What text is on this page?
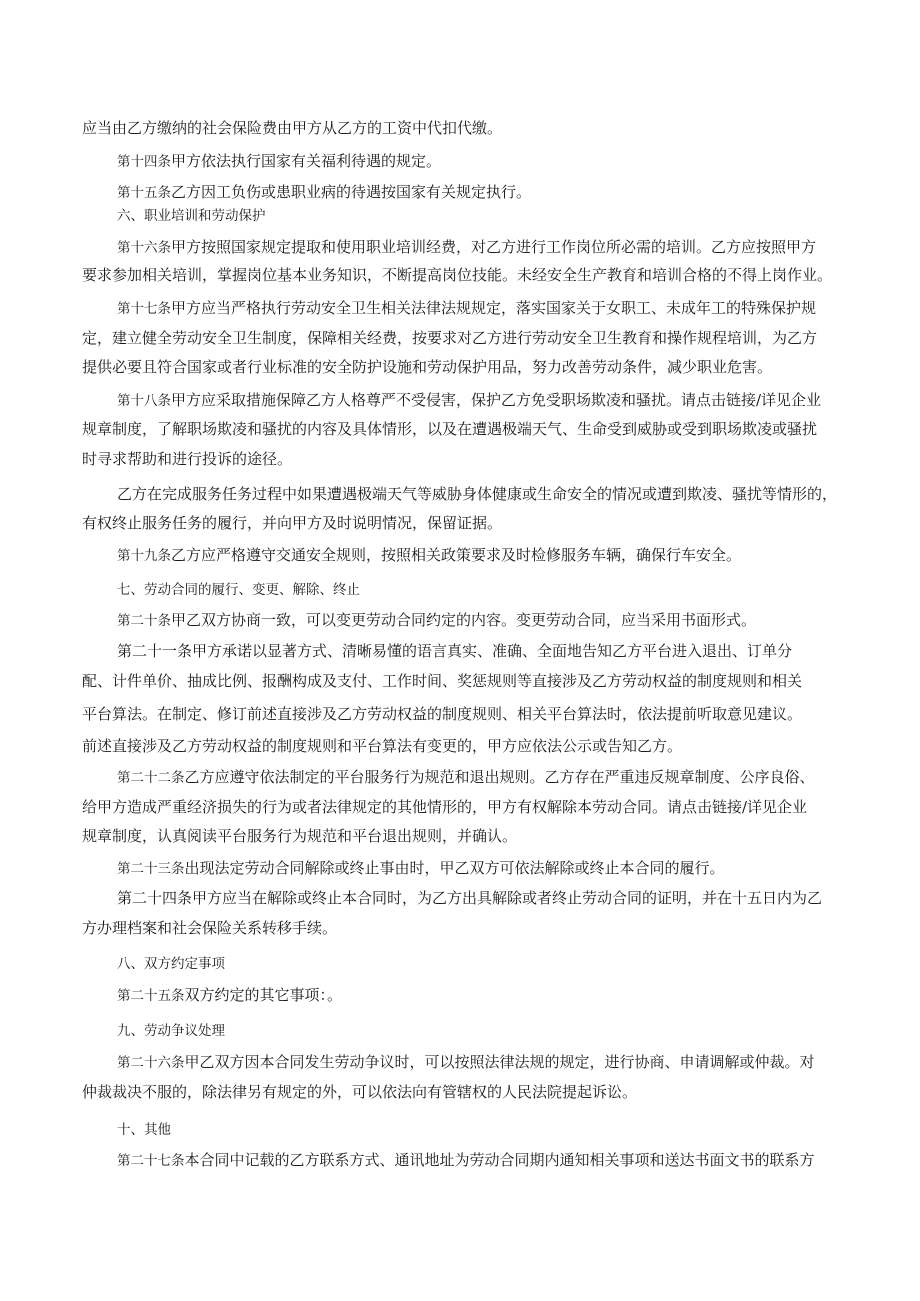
应当由乙方缴纳的社会保险费由甲方从乙方的工资中代扣代缴。
第十四条甲方依法执行国家有关福利待遇的规定。
第十五条乙方因工负伤或患职业病的待遇按国家有关规定执行。
六、职业培训和劳动保护
第十六条甲方按照国家规定提取和使用职业培训经费，对乙方进行工作岗位所必需的培训。乙方应按照甲方
要求参加相关培训，掌握岗位基本业务知识，不断提高岗位技能。未经安全生产教育和培训合格的不得上岗作业。
第十七条甲方应当严格执行劳动安全卫生相关法律法规规定，落实国家关于女职工、未成年工的特殊保护规
定，建立健全劳动安全卫生制度，保障相关经费，按要求对乙方进行劳动安全卫生教育和操作规程培训，为乙方
提供必要且符合国家或者行业标准的安全防护设施和劳动保护用品，努力改善劳动条件，减少职业危害。
第十八条甲方应采取措施保障乙方人格尊严不受侵害，保护乙方免受职场欺凌和骚扰。请点击链接/详见企业
规章制度，了解职场欺凌和骚扰的内容及具体情形，以及在遭遇极端天气、生命受到威胁或受到职场欺凌或骚扰
时寻求帮助和进行投诉的途径。
乙方在完成服务任务过程中如果遭遇极端天气等威胁身体健康或生命安全的情况或遭到欺凌、骚扰等情形的，
有权终止服务任务的履行，并向甲方及时说明情况，保留证据。
第十九条乙方应严格遵守交通安全规则，按照相关政策要求及时检修服务车辆，确保行车安全。
七、劳动合同的履行、变更、解除、终止
第二十条甲乙双方协商一致，可以变更劳动合同约定的内容。变更劳动合同，应当采用书面形式。
第二十一条甲方承诺以显著方式、清晰易懂的语言真实、准确、全面地告知乙方平台进入退出、订单分
配、计件单价、抽成比例、报酬构成及支付、工作时间、奖惩规则等直接涉及乙方劳动权益的制度规则和相关
平台算法。在制定、修订前述直接涉及乙方劳动权益的制度规则、相关平台算法时，依法提前听取意见建议。
前述直接涉及乙方劳动权益的制度规则和平台算法有变更的，甲方应依法公示或告知乙方。
第二十二条乙方应遵守依法制定的平台服务行为规范和退出规则。乙方存在严重违反规章制度、公序良俗、
给甲方造成严重经济损失的行为或者法律规定的其他情形的，甲方有权解除本劳动合同。请点击链接/详见企业
规章制度，认真阅读平台服务行为规范和平台退出规则，并确认。
第二十三条出现法定劳动合同解除或终止事由时，甲乙双方可依法解除或终止本合同的履行。
第二十四条甲方应当在解除或终止本合同时，为乙方出具解除或者终止劳动合同的证明，并在十五日内为乙
方办理档案和社会保险关系转移手续。
八、双方约定事项
第二十五条双方约定的其它事项：。
九、劳动争议处理
第二十六条甲乙双方因本合同发生劳动争议时，可以按照法律法规的规定，进行协商、申请调解或仲裁。对
仲裁裁决不服的，除法律另有规定的外，可以依法向有管辖权的人民法院提起诉讼。
十、其他
第二十七条本合同中记载的乙方联系方式、通讯地址为劳动合同期内通知相关事项和送达书面文书的联系方
